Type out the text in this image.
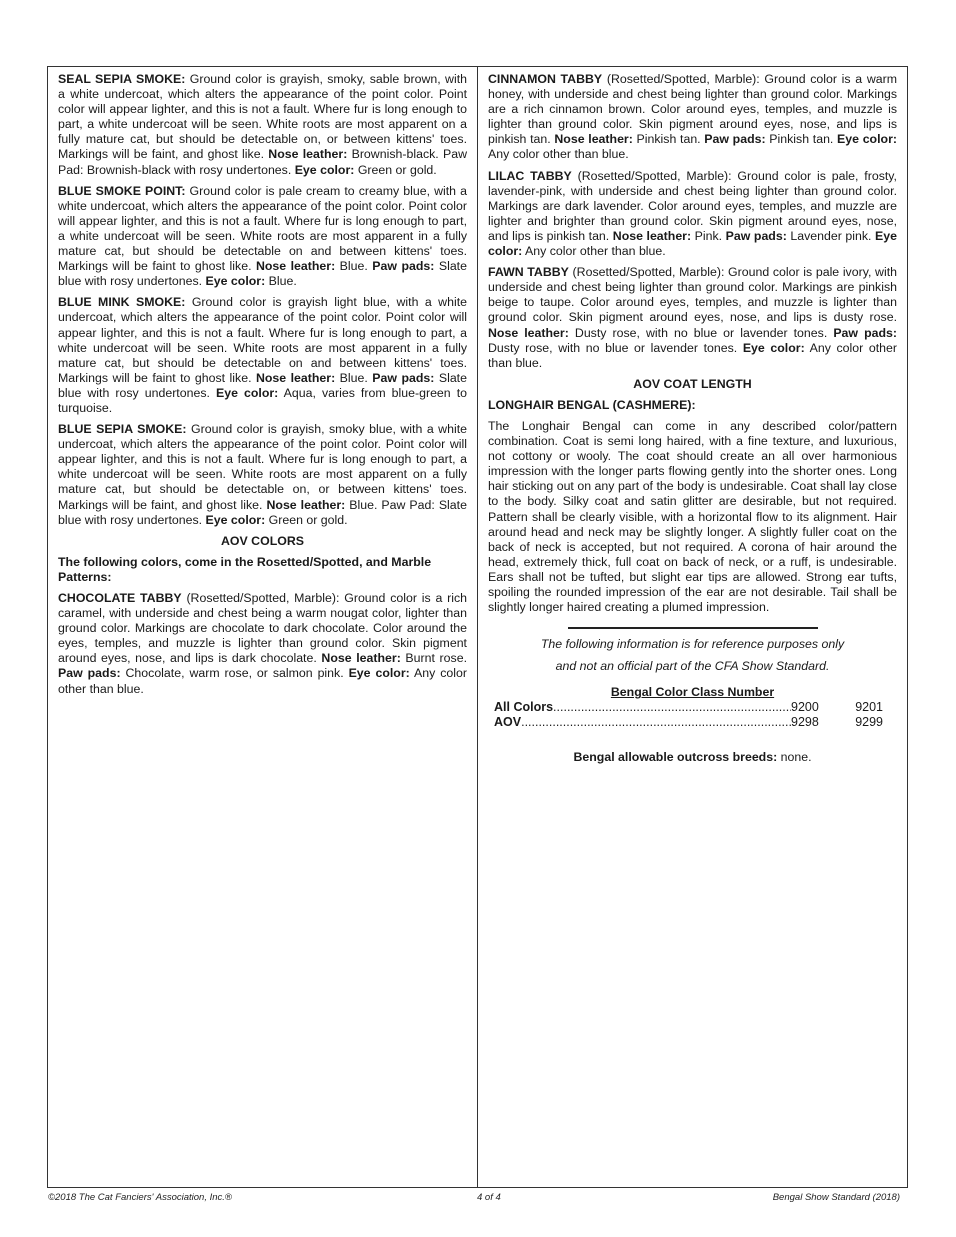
SEAL SEPIA SMOKE: Ground color is grayish, smoky, sable brown, with a white undercoat, which alters the appearance of the point color. Point color will appear lighter, and this is not a fault. Where fur is long enough to part, a white undercoat will be seen. White roots are most apparent on a fully mature cat, but should be detectable on, or between kittens' toes. Markings will be faint, and ghost like. Nose leather: Brownish-black. Paw Pad: Brownish-black with rosy undertones. Eye color: Green or gold.

BLUE SMOKE POINT: Ground color is pale cream to creamy blue, with a white undercoat, which alters the appearance of the point color. Point color will appear lighter, and this is not a fault. Where fur is long enough to part, a white undercoat will be seen. White roots are most apparent in a fully mature cat, but should be detectable on and between kittens' toes. Markings will be faint to ghost like. Nose leather: Blue. Paw pads: Slate blue with rosy undertones. Eye color: Blue.

BLUE MINK SMOKE: Ground color is grayish light blue, with a white undercoat, which alters the appearance of the point color. Point color will appear lighter, and this is not a fault. Where fur is long enough to part, a white undercoat will be seen. White roots are most apparent in a fully mature cat, but should be detectable on and between kittens' toes. Markings will be faint to ghost like. Nose leather: Blue. Paw pads: Slate blue with rosy undertones. Eye color: Aqua, varies from blue-green to turquoise.

BLUE SEPIA SMOKE: Ground color is grayish, smoky blue, with a white undercoat, which alters the appearance of the point color. Point color will appear lighter, and this is not a fault. Where fur is long enough to part, a white undercoat will be seen. White roots are most apparent on a fully mature cat, but should be detectable on, or between kittens' toes. Markings will be faint, and ghost like. Nose leather: Blue. Paw Pad: Slate blue with rosy undertones. Eye color: Green or gold.

AOV COLORS
The following colors, come in the Rosetted/Spotted, and Marble Patterns:

CHOCOLATE TABBY (Rosetted/Spotted, Marble): Ground color is a rich caramel, with underside and chest being a warm nougat color, lighter than ground color. Markings are chocolate to dark chocolate. Color around the eyes, temples, and muzzle is lighter than ground color. Skin pigment around eyes, nose, and lips is dark chocolate. Nose leather: Burnt rose. Paw pads: Chocolate, warm rose, or salmon pink. Eye color: Any color other than blue.

CINNAMON TABBY (Rosetted/Spotted, Marble): Ground color is a warm honey, with underside and chest being lighter than ground color. Markings are a rich cinnamon brown. Color around eyes, temples, and muzzle is lighter than ground color. Skin pigment around eyes, nose, and lips is pinkish tan. Nose leather: Pinkish tan. Paw pads: Pinkish tan. Eye color: Any color other than blue.

LILAC TABBY (Rosetted/Spotted, Marble): Ground color is pale, frosty, lavender-pink, with underside and chest being lighter than ground color. Markings are dark lavender. Color around eyes, temples, and muzzle are lighter and brighter than ground color. Skin pigment around eyes, nose, and lips is pinkish tan. Nose leather: Pink. Paw pads: Lavender pink. Eye color: Any color other than blue.

FAWN TABBY (Rosetted/Spotted, Marble): Ground color is pale ivory, with underside and chest being lighter than ground color. Markings are pinkish beige to taupe. Color around eyes, temples, and muzzle is lighter than ground color. Skin pigment around eyes, nose, and lips is dusty rose. Nose leather: Dusty rose, with no blue or lavender tones. Paw pads: Dusty rose, with no blue or lavender tones. Eye color: Any color other than blue.

AOV COAT LENGTH
LONGHAIR BENGAL (CASHMERE):

The Longhair Bengal can come in any described color/pattern combination. Coat is semi long haired, with a fine texture, and luxurious, not cottony or wooly. The coat should create an all over harmonious impression with the longer parts flowing gently into the shorter ones. Long hair sticking out on any part of the body is undesirable. Coat shall lay close to the body. Silky coat and satin glitter are desirable, but not required. Pattern shall be clearly visible, with a horizontal flow to its alignment. Hair around head and neck may be slightly longer. A slightly fuller coat on the back of neck is accepted, but not required. A corona of hair around the head, extremely thick, full coat on back of neck, or a ruff, is undesirable. Ears shall not be tufted, but slight ear tips are allowed. Strong ear tufts, spoiling the rounded impression of the ear are not desirable. Tail shall be slightly longer haired creating a plumed impression.

The following information is for reference purposes only

and not an official part of the CFA Show Standard.

Bengal Color Class Number
All Colors .....	9200	9201
AOV .....	9298	9299
Bengal allowable outcross breeds: none.
©2018 The Cat Fanciers' Association, Inc.®	4 of 4	Bengal Show Standard (2018)
